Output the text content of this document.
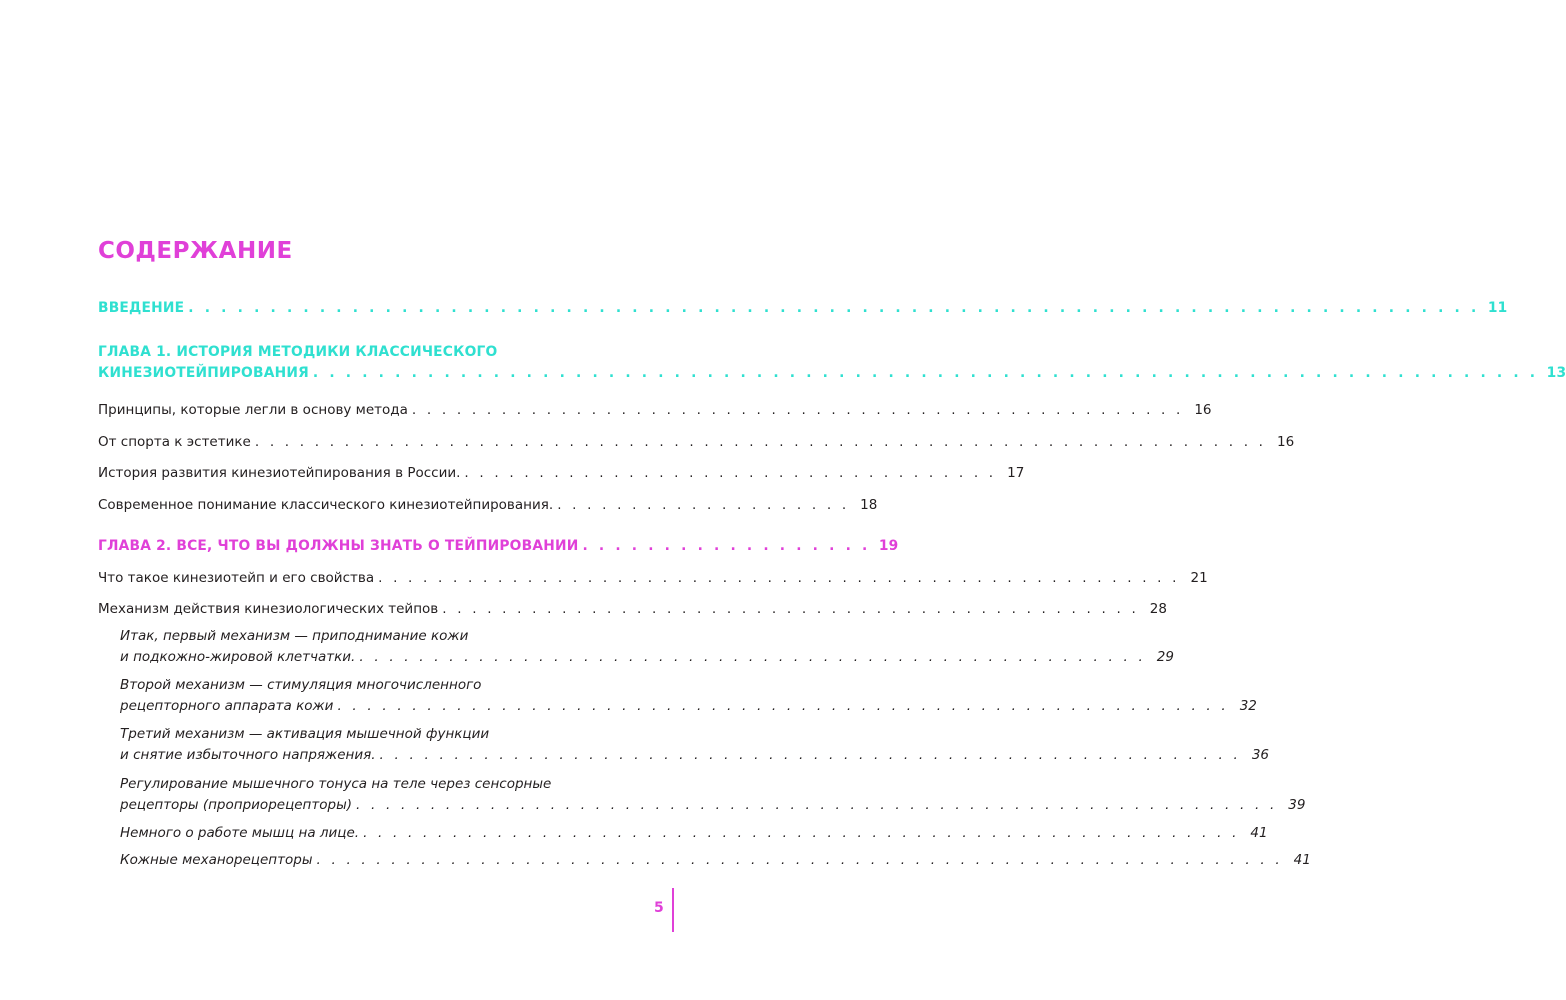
СОДЕРЖАНИЕ
ВВЕДЕНИЕ . . . . . . . . . . . . . . . . . . . . . . . . . . . . . . . . . . . . . . . . . . . . . . . . . . . . . . . . . . . . . . . . . . . . . . . . . . . . . . . 11
ГЛАВА 1. ИСТОРИЯ МЕТОДИКИ КЛАССИЧЕСКОГО
КИНЕЗИОТЕЙПИРОВАНИЯ . . . . . . . . . . . . . . . . . . . . . . . . . . . . . . . . . . . . . . . . . . . . . . . . . . . . . . . . . . . . . . . . . . . . . . . . . . . 13
Принципы, которые легли в основу метода . . . . . . . . . . . . . . . . . . . . . . . . . . . . . . . . . . . . . . . . . . . . . . . . . . . . 16
От спорта к эстетике . . . . . . . . . . . . . . . . . . . . . . . . . . . . . . . . . . . . . . . . . . . . . . . . . . . . . . . . . . . . . . . . . . . . 16
История развития кинезиотейпирования в России. . . . . . . . . . . . . . . . . . . . . . . . . . . . . . . . . . . . . 17
Современное понимание классического кинезиотейпирования. . . . . . . . . . . . . . . . . . . . . 18
ГЛАВА 2. ВСЕ, ЧТО ВЫ ДОЛЖНЫ ЗНАТЬ О ТЕЙПИРОВАНИИ . . . . . . . . . . . . . . . . . . 19
Что такое кинезиотейп и его свойства . . . . . . . . . . . . . . . . . . . . . . . . . . . . . . . . . . . . . . . . . . . . . . . . . . . . . . 21
Механизм действия кинезиологических тейпов . . . . . . . . . . . . . . . . . . . . . . . . . . . . . . . . . . . . . . . . . . . . . . . 28
Итак, первый механизм — приподнимание кожи
и подкожно-жировой клетчатки. . . . . . . . . . . . . . . . . . . . . . . . . . . . . . . . . . . . . . . . . . . . . . . . . . . . . . 29
Второй механизм — стимуляция многочисленного
рецепторного аппарата кожи . . . . . . . . . . . . . . . . . . . . . . . . . . . . . . . . . . . . . . . . . . . . . . . . . . . . . . . . . . . . 32
Третий механизм — активация мышечной функции
и снятие избыточного напряжения. . . . . . . . . . . . . . . . . . . . . . . . . . . . . . . . . . . . . . . . . . . . . . . . . . . . . . . . . . . 36
Регулирование мышечного тонуса на теле через сенсорные
рецепторы (проприорецепторы) . . . . . . . . . . . . . . . . . . . . . . . . . . . . . . . . . . . . . . . . . . . . . . . . . . . . . . . . . . . . . . 39
Немного о работе мышц на лице. . . . . . . . . . . . . . . . . . . . . . . . . . . . . . . . . . . . . . . . . . . . . . . . . . . . . . . . . . . . 41
Кожные механорецепторы . . . . . . . . . . . . . . . . . . . . . . . . . . . . . . . . . . . . . . . . . . . . . . . . . . . . . . . . . . . . . . . . . 41
5
